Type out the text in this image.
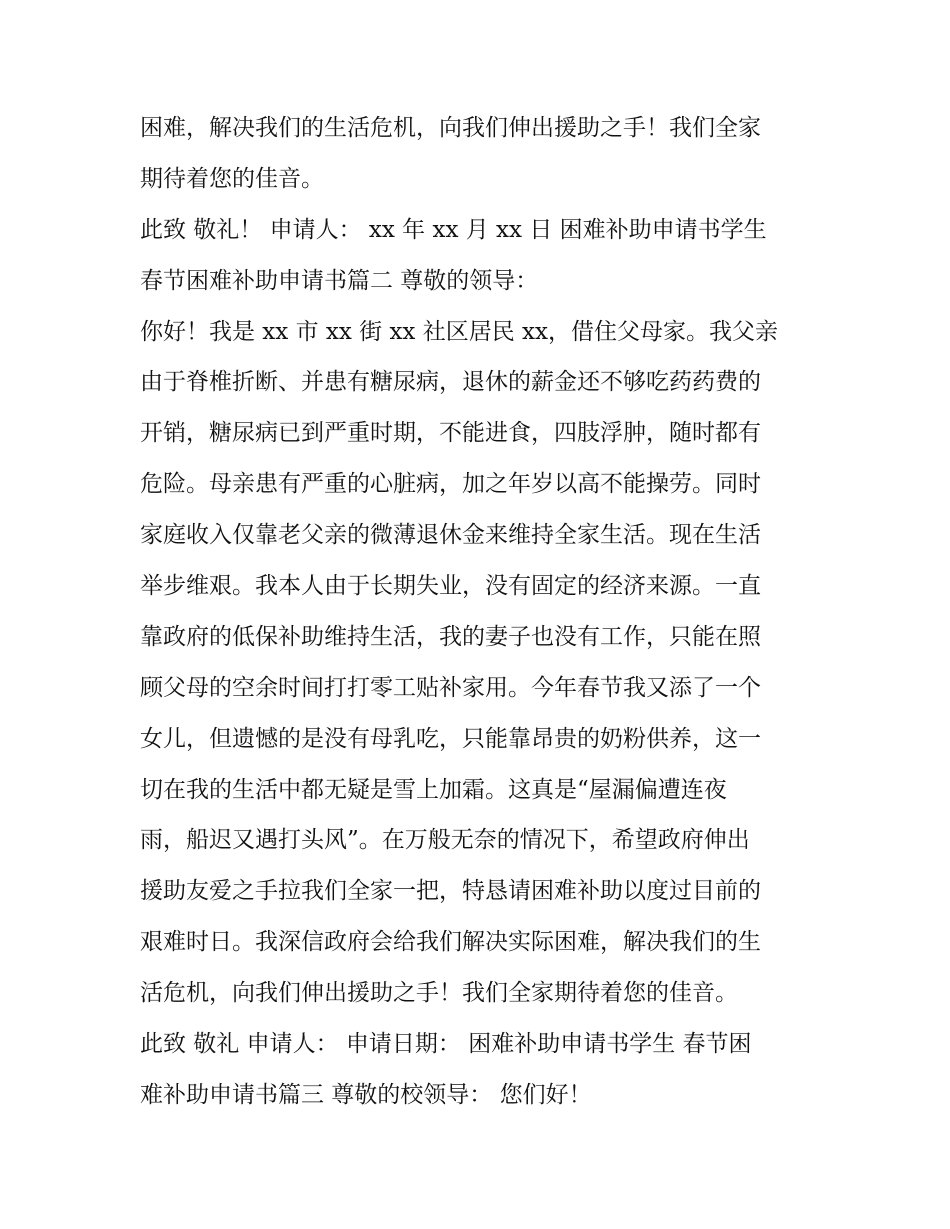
困难，解决我们的生活危机，向我们伸出援助之手！我们全家
期待着您的佳音。
此致 敬礼！ 申请人： xx 年 xx 月 xx 日 困难补助申请书学生
春节困难补助申请书篇二 尊敬的领导：
你好！我是 xx 市 xx 街 xx 社区居民 xx，借住父母家。我父亲
由于脊椎折断、并患有糖尿病，退休的薪金还不够吃药药费的
开销，糖尿病已到严重时期，不能进食，四肢浮肿，随时都有
危险。母亲患有严重的心脏病，加之年岁以高不能操劳。同时
家庭收入仅靠老父亲的微薄退休金来维持全家生活。现在生活
举步维艰。我本人由于长期失业，没有固定的经济来源。一直
靠政府的低保补助维持生活，我的妻子也没有工作，只能在照
顾父母的空余时间打打零工贴补家用。今年春节我又添了一个
女儿，但遗憾的是没有母乳吃，只能靠昂贵的奶粉供养，这一
切在我的生活中都无疑是雪上加霜。这真是“屋漏偏遭连夜
雨，船迟又遇打头风”。在万般无奈的情况下，希望政府伸出
援助友爱之手拉我们全家一把，特恳请困难补助以度过目前的
艰难时日。我深信政府会给我们解决实际困难，解决我们的生
活危机，向我们伸出援助之手！我们全家期待着您的佳音。
此致 敬礼 申请人： 申请日期： 困难补助申请书学生 春节困
难补助申请书篇三 尊敬的校领导： 您们好！
